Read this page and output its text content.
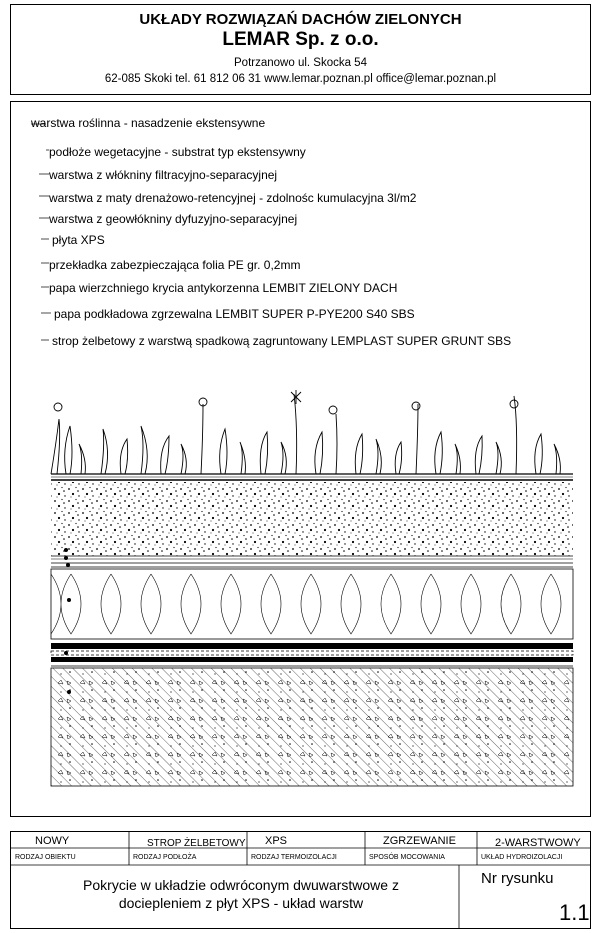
UKŁADY ROZWIĄZAŃ DACHÓW ZIELONYCH
LEMAR Sp. z o.o.
Potrzanowo ul. Skocka 54
62-085 Skoki tel. 61 812 06 31 www.lemar.poznan.pl office@lemar.poznan.pl
warstwa roślinna - nasadzenie ekstensywne
podłoże wegetacyjne - substrat typ ekstensywny
warstwa z włókniny filtracyjno-separacyjnej
warstwa z maty drenażowo-retencyjnej - zdolnośc kumulacyjna 3l/m2
warstwa z geowłókniny dyfuzyjno-separacyjnej
płyta XPS
przekładka zabezpieczająca folia PE gr. 0,2mm
papa wierzchniego krycia antykorzenna LEMBIT ZIELONY DACH
papa podkładowa zgrzewalna LEMBIT SUPER P-PYE200 S40 SBS
strop żelbetowy z warstwą spadkową zagruntowany LEMPLAST SUPER GRUNT SBS
NOWY
RODZAJ OBIEKTU
STROP ŻELBETOWY
RODZAJ PODŁOŻA
XPS
RODZAJ TERMOIZOLACJI
ZGRZEWANIE
SPOSÓB MOCOWANIA
2-WARSTWOWY
UKŁAD HYDROIZOLACJI
Pokrycie w układzie odwróconym dwuwarstwowe z
dociepleniem z płyt XPS - układ warstw
Nr rysunku
1.1
